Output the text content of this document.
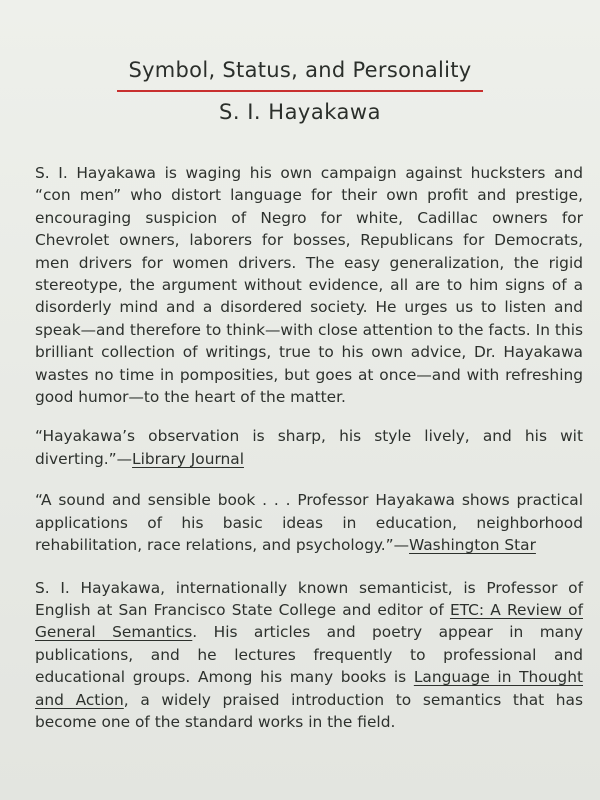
Symbol, Status, and Personality
S. I. Hayakawa

S. I. Hayakawa is waging his own campaign against hucksters and “con men” who distort language for their own profit and prestige, encouraging suspicion of Negro for white, Cadillac owners for Chevrolet owners, laborers for bosses, Republicans for Democrats, men drivers for women drivers. The easy generalization, the rigid stereotype, the argument without evidence, all are to him signs of a disorderly mind and a disordered society. He urges us to listen and speak—and therefore to think—with close attention to the facts. In this brilliant collection of writings, true to his own advice, Dr. Hayakawa wastes no time in pomposities, but goes at once—and with refreshing good humor—to the heart of the matter.

“Hayakawa’s observation is sharp, his style lively, and his wit diverting.”—Library Journal

“A sound and sensible book . . . Professor Hayakawa shows practical applications of his basic ideas in education, neighborhood rehabilitation, race relations, and psychology.”—Washington Star

S. I. Hayakawa, internationally known semanticist, is Professor of English at San Francisco State College and editor of ETC: A Review of General Semantics. His articles and poetry appear in many publications, and he lectures frequently to professional and educational groups. Among his many books is Language in Thought and Action, a widely praised introduction to semantics that has become one of the standard works in the field.
